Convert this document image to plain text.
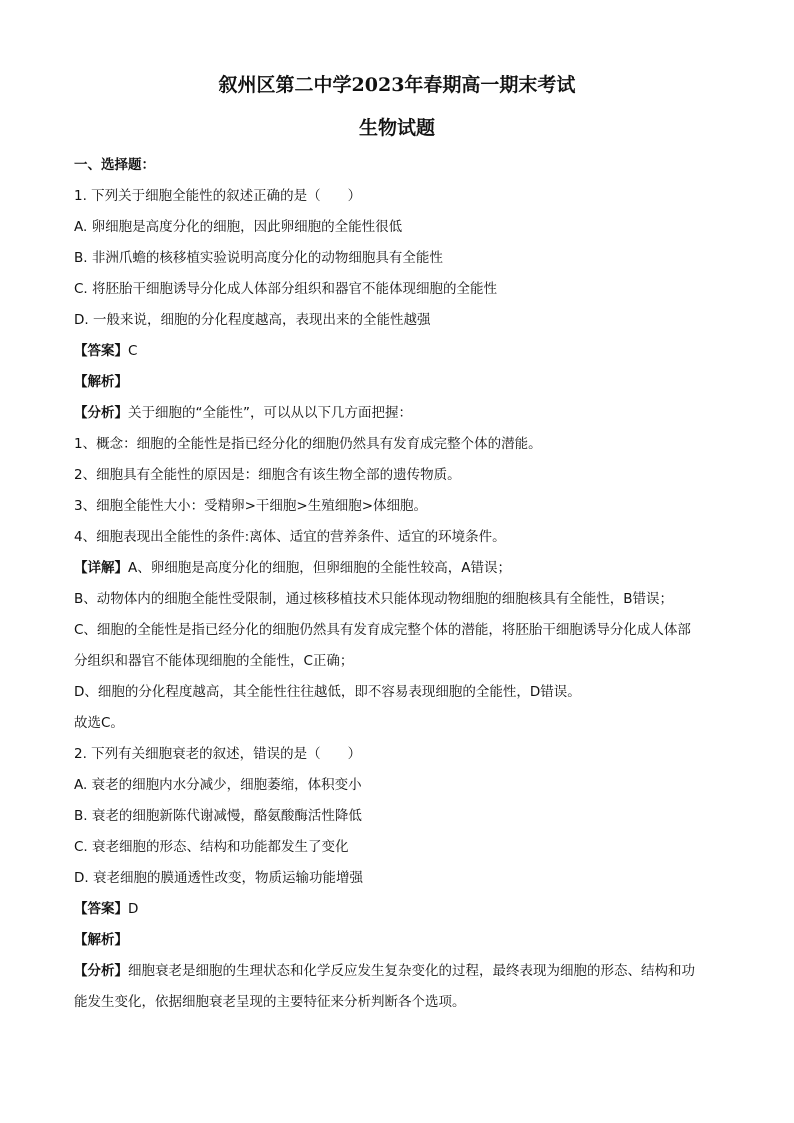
叙州区第二中学2023年春期高一期末考试
生物试题
一、选择题：
1. 下列关于细胞全能性的叙述正确的是（　　）
A. 卵细胞是高度分化的细胞，因此卵细胞的全能性很低
B. 非洲爪蟾的核移植实验说明高度分化的动物细胞具有全能性
C. 将胚胎干细胞诱导分化成人体部分组织和器官不能体现细胞的全能性
D. 一般来说，细胞的分化程度越高，表现出来的全能性越强
【答案】C
【解析】
【分析】关于细胞的“全能性”，可以从以下几方面把握：
1、概念：细胞的全能性是指已经分化的细胞仍然具有发育成完整个体的潜能。
2、细胞具有全能性的原因是：细胞含有该生物全部的遗传物质。
3、细胞全能性大小：受精卵>干细胞>生殖细胞>体细胞。
4、细胞表现出全能性的条件:离体、适宜的营养条件、适宜的环境条件。
【详解】A、卵细胞是高度分化的细胞，但卵细胞的全能性较高，A错误；
B、动物体内的细胞全能性受限制，通过核移植技术只能体现动物细胞的细胞核具有全能性，B错误；
C、细胞的全能性是指已经分化的细胞仍然具有发育成完整个体的潜能，将胚胎干细胞诱导分化成人体部
分组织和器官不能体现细胞的全能性，C正确；
D、细胞的分化程度越高，其全能性往往越低，即不容易表现细胞的全能性，D错误。
故选C。
2. 下列有关细胞衰老的叙述，错误的是（　　）
A. 衰老的细胞内水分减少，细胞萎缩，体积变小
B. 衰老的细胞新陈代谢减慢，酪氨酸酶活性降低
C. 衰老细胞的形态、结构和功能都发生了变化
D. 衰老细胞的膜通透性改变，物质运输功能增强
【答案】D
【解析】
【分析】细胞衰老是细胞的生理状态和化学反应发生复杂变化的过程，最终表现为细胞的形态、结构和功
能发生变化，依据细胞衰老呈现的主要特征来分析判断各个选项。
